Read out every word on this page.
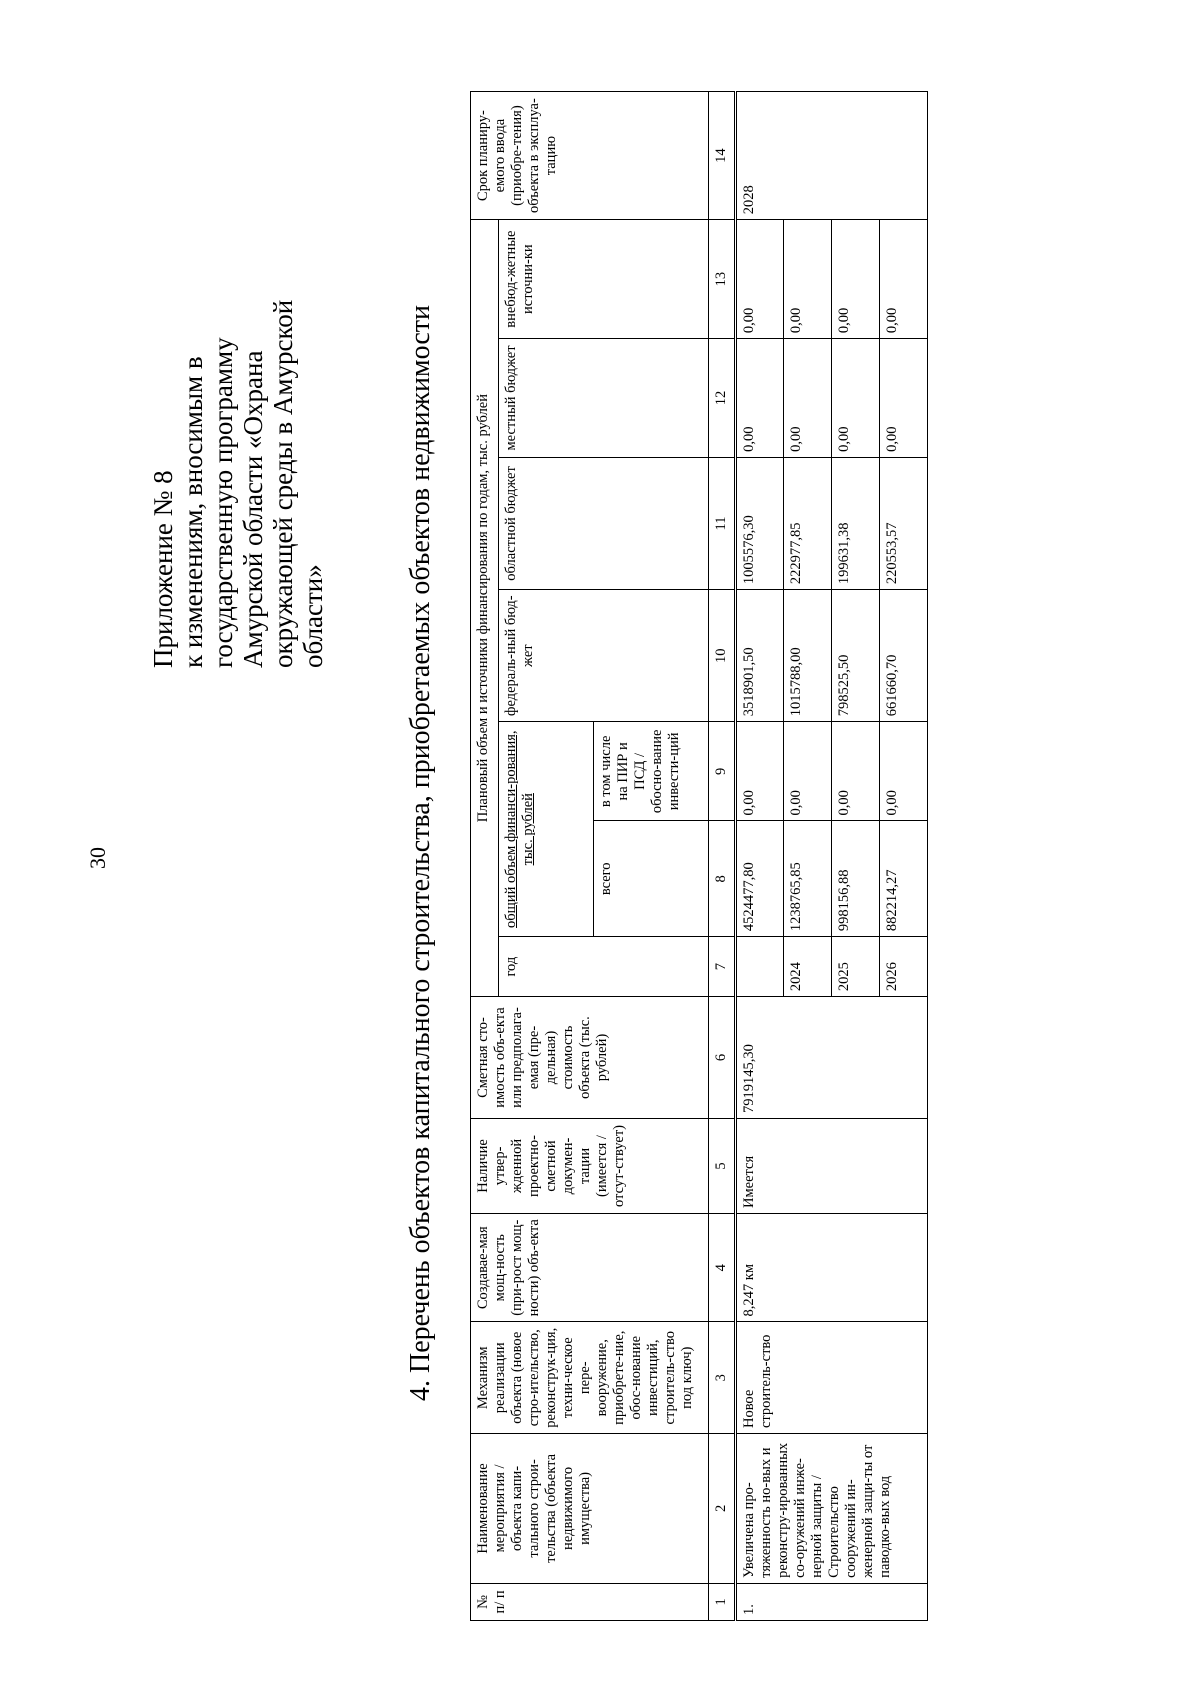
30
Приложение № 8 к изменениям, вносимым в государственную программу Амурской области «Охрана окружающей среды в Амурской области»	4. Перечень объектов капитального строительства, приобретаемых объектов недвижимости
№ п/ п	Наименование мероприятия / объекта капи-тального строи-тельства (объекта недвижимого имущества)	Механизм реализации объекта (новое стро-ительство, реконструк-ция, техни-ческое пере-вооружение, приобрете-ние, обос-нование инвестиций, строитель-ство под ключ)	Создавае-мая мощ-ность (при-рост мощ-ности) объ-екта	Наличие утвер-жденной проектно-сметной докумен-тации (имеется / отсут-ствует)	Сметная сто-имость объ-екта или предполага-емая (пре-дельная) стоимость объекта (тыс. рублей)	Плановый объем и источники финансирования по годам, тыс. рублей							Срок планиру-емого ввода (приобре-тения) объекта в эксплуа-тацию
						год	общий объем финанси-рования, тыс. рублей		федераль-ный бюд-жет	областной бюджет	местный бюджет	внебюд-жетные источни-ки	
							всего	в том числе на ПИР и ПСД / обосно-вание инвести-ций					
1	2	3	4	5	6	7	8	9	10	11	12	13	14
1.	Увеличена про-тяженность но-вых и реконстру-ированных со-оружений инже-нерной защиты / Строительство сооружений ин-женерной защи-ты от паводко-вых вод	Новое строитель-ство	8,247 км	Имеется	7919145,30		4524477,80	0,00	3518901,50	1005576,30	0,00	0,00	2028
						2024	1238765,85	0,00	1015788,00	222977,85	0,00	0,00	
						2025	998156,88	0,00	798525,50	199631,38	0,00	0,00	
						2026	882214,27	0,00	661660,70	220553,57	0,00	0,00	
